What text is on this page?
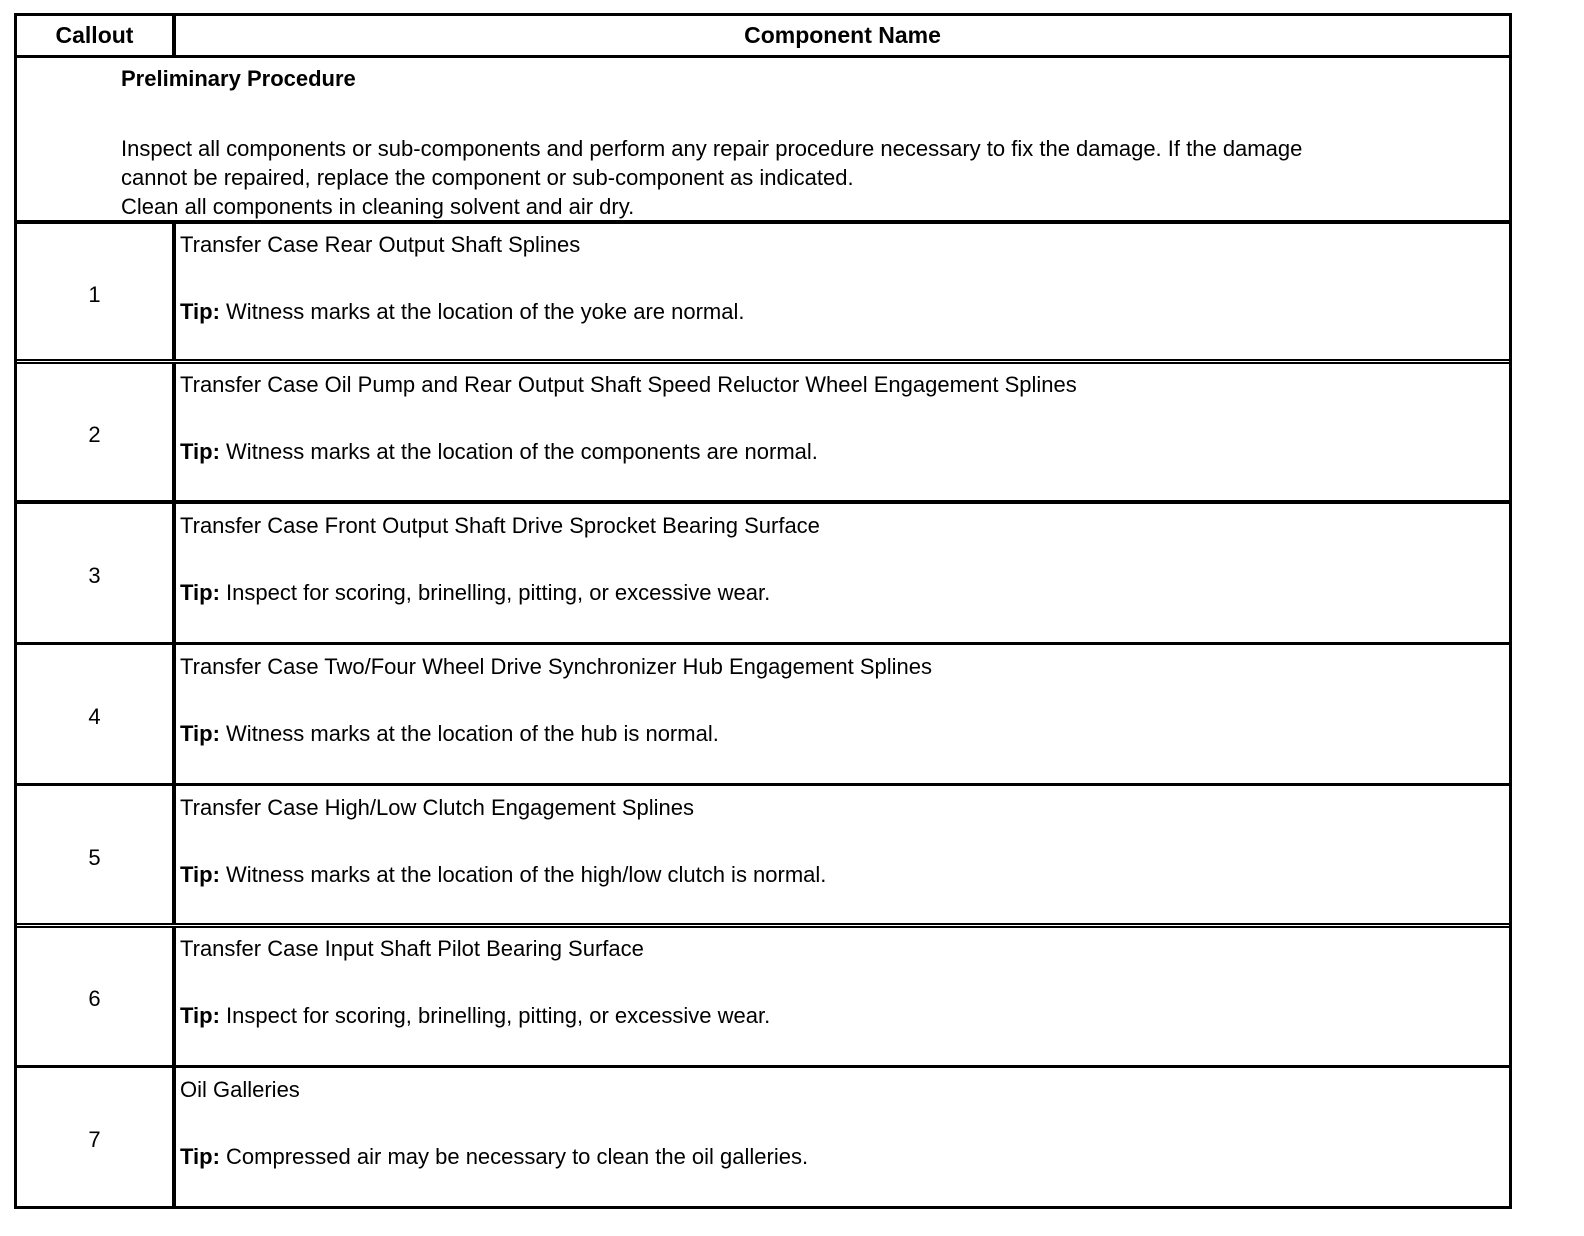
Callout	Component Name
Preliminary Procedure
Inspect all components or sub-components and perform any repair procedure necessary to fix the damage. If the damage
cannot be repaired, replace the component or sub-component as indicated.
Clean all components in cleaning solvent and air dry.
1
Transfer Case Rear Output Shaft Splines
Tip: Witness marks at the location of the yoke are normal.
2
Transfer Case Oil Pump and Rear Output Shaft Speed Reluctor Wheel Engagement Splines
Tip: Witness marks at the location of the components are normal.
3
Transfer Case Front Output Shaft Drive Sprocket Bearing Surface
Tip: Inspect for scoring, brinelling, pitting, or excessive wear.
4
Transfer Case Two/Four Wheel Drive Synchronizer Hub Engagement Splines
Tip: Witness marks at the location of the hub is normal.
5
Transfer Case High/Low Clutch Engagement Splines
Tip: Witness marks at the location of the high/low clutch is normal.
6
Transfer Case Input Shaft Pilot Bearing Surface
Tip: Inspect for scoring, brinelling, pitting, or excessive wear.
7
Oil Galleries
Tip: Compressed air may be necessary to clean the oil galleries.
